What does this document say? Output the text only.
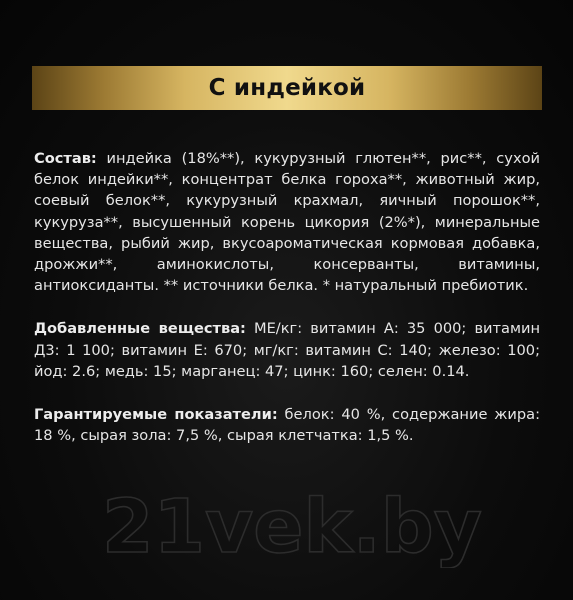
С индейкой

Состав: индейка (18%**), кукурузный глютен**, рис**, сухой белок индейки**, концентрат белка гороха**, животный жир, соевый белок**, кукурузный крахмал, яичный порошок**, кукуруза**, высушенный корень цикория (2%*), минеральные вещества, рыбий жир, вкусоароматическая кормовая добавка, дрожжи**, аминокислоты, консерванты, витамины, антиоксиданты. ** источники белка. * натуральный пребиотик.

Добавленные вещества: МЕ/кг: витамин А: 35 000; витамин Д3: 1 100; витамин Е: 670; мг/кг: витамин С: 140; железо: 100; йод: 2.6; медь: 15; марганец: 47; цинк: 160; селен: 0.14.

Гарантируемые показатели: белок: 40 %, содержание жира: 18 %, сырая зола: 7,5 %, сырая клетчатка: 1,5 %.

21vek.by
